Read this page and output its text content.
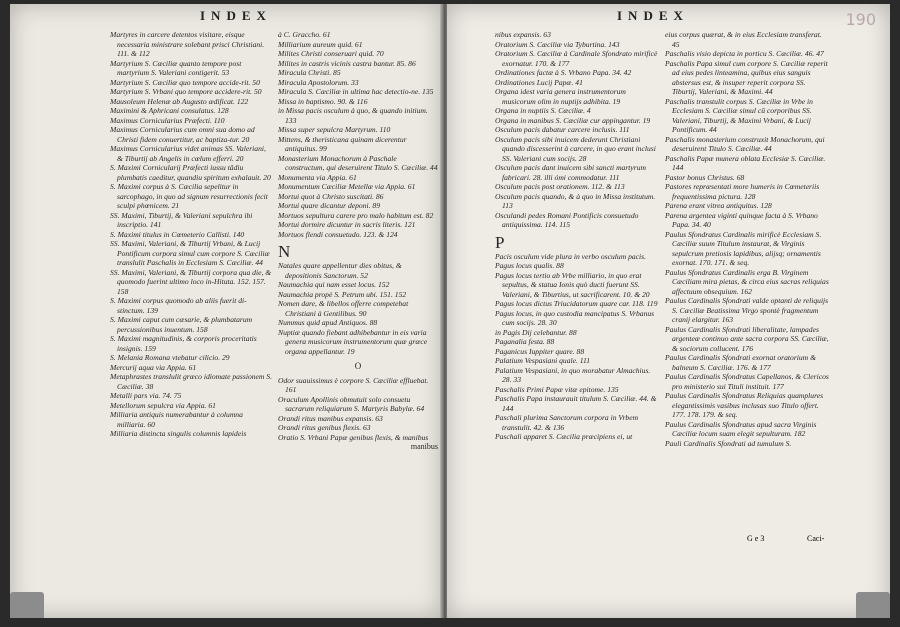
INDEX
Martyres in carcere detentos visitare, eisque necessaria ministrare solebant prisci Christiani. 111. & 112
Martyrium S. Cæciliæ quanto tempore post martyrium S. Valeriani contigerit. 53
Martyrium S. Cæciliæ quo tempore accide-rit. 50
Martyrium S. Vrbani quo tempore accidere-rit. 50
Mausoleum Helenæ ab Augusto ædificat. 122
Maximini & Aphricani consulatus. 128
Maximus Cornicularius Præfecti. 110
Maximus Cornicularius cum omni sua domo ad Christi fidem conuertitur, ac baptiza-tur. 20
Maximus Cornicularius videt animas SS. Valeriani, & Tiburtij ab Angelis in cœlum efferri. 20
S. Maximi Cornicularij Præfecti iussu tâdiu plumbatis caeditur, quandiu spiritum exhalauit. 20
S. Maximi corpus à S. Cæcilia sepelitur in sarcophago, in quo ad signum resurrectionis fecit sculpi phœnicem. 21
SS. Maximi, Tiburtij, & Valeriani sepulchra ibi inscriptio. 141
S. Maximi titulus in Cœmeterio Callisti. 140
SS. Maximi, Valeriani, & Tiburtij Vrbani, & Lucij Pontificum corpora simul cum corpore S. Cæciliæ translulit Paschalis in Ecclesiam S. Cæciliæ. 44
SS. Maximi, Valeriani, & Tiburtij corpora qua die, & quomodo fuerint ultimo loco in-Hituta. 152. 157. 158
S. Maximi corpus quomodo ab aliis fuerit di-stinctum. 139
S. Maximi caput cum cæsarie, & plumbatarum percussionibus inuentum. 158
S. Maximi magnitudinis, & corporis proceritatis insignis. 159
S. Melania Romana vtebatur cilicio. 29
Mercurij aqua via Appia. 61
Metaphrastes translulit græco idiomate passionem S. Cæciliæ. 38
Metalli pars via. 74. 75
Metellorum sepulcra via Appia. 61
Milliaria antiquis numerabantur à columna milliaria. 60
Milliaria distincta singulis columnis lapideis
à C. Graccho. 61
Milliarium aureum quid. 61
Milites Christi conseruari quid. 70
Milites in castris vicinis castra bantur. 85. 86
Miracula Christi. 85
Miracula Apostolorum. 33
Miracula S. Cæciliæ in ultima hac detectio-ne. 135
Missa in baptismo. 90. & 116
in Missa pacis osculum à quo, & quando initium. 133
Missa super sepulcra Martyrum. 110
Mittens, & theristicana quinam dicerentur antiquitus. 99
Monasterium Monachorum à Paschale constructum, qui deseruirent Titulo S. Cæciliæ. 44
Monumenta via Appia. 61
Monumentum Cæciliæ Metellæ via Appia. 61
Mortui quot à Christo suscitati. 86
Mortui quare dicantur deponi. 89
Mortuos sepultura carere pro malo habitum est. 82
Mortui dormire dicuntur in sacris literis. 121
Mortuos flendi consuetudo. 123. & 124
N
Natales quare appellentur dies obitus, & depositionis Sanctorum. 52
Naumachia qui nam esset locus. 152
Naumachia propè S. Petrum ubi. 151. 152
Nomen dare, & libellos offerre competebat Christiani à Gentilibus. 90
Nummus quid apud Antiquos. 88
Nuptiæ quando fiebant adhibebantur in eis varia genera musicorum instrumentorum quæ græce organa appellantur. 19
O
Odor suauissimus è corpore S. Cæciliæ effluebat. 161
Oraculum Apollinis obmutuit solo consuetu sacrarum reliquiarum S. Martyris Babylæ. 64
Orandi ritus manibus expansis. 63
Orandi ritus genibus flexis. 63
Oratio S. Vrbani Papæ genibus flexis, & manibus
manibus
INDEX	190
nibus expansis. 63
Oratorium S. Cæciliæ via Tyburtina. 143
Oratorium S. Cæciliæ à Cardinale Sfondrato mirificè exornatur. 170. & 177
Ordinationes factæ à S. Vrbano Papa. 34. 42
Ordinationes Lucij Papæ. 41
Organa idest varia genera instrumentorum musicorum olim in nuptijs adhibita. 19
Organa in nuptiis S. Cæciliæ. 4
Organa in manibus S. Cæciliæ cur appingantur. 19
Osculum pacis dabatur carcere inclusis. 111
Osculum pacis sibi inuicem dederunt Christiani quando discesserint à carcere, in quo erant inclusi SS. Valeriani cum socijs. 28
Osculum pacis dant inuicem sibi sancti martyrum fabricari. 28. illi ómi commodatur. 111
Osculum pacis post orationem. 112. & 113
Osculum pacis quando, & à quo in Missa institutum. 113
Osculandi pedes Romani Pontificis consuetudo antiquissima. 114. 115
P
Pacis osculum vide plura in verbo osculum pacis.
Pagus locus qualis. 88
Pagus locus tertio ab Vrbe milliario, in quo erat sepultus, & statua Ionis quò ducti fuerunt SS. Valeriani, & Tiburtius, ut sacrificarent. 10. & 20
Pagus locus dictus Triucidatorum quare car. 118. 119
Pagus locus, in quo custodia mancipatus S. Vrbanus cum socijs. 28. 30
in Pagis Dij celebantur. 88
Paganalia festa. 88
Paganicus Iuppiter quare. 88
Palatium Vespasiani quale. 111
Palatium Vespasiani, in quo morabatur Almachius. 28. 33
Paschalis Primi Papæ vitæ epitome. 135
Paschalis Papa instaurauit titulum S. Cæciliæ. 44. & 144
Paschali plurima Sanctorum corpora in Vrbem transtulit. 42. & 136
Paschali apparet S. Cæcilia præcipiens ei, ut
eius corpus quærat, & in eius Ecclesiam transferat. 45
Paschalis visio depicta in porticu S. Cæciliæ. 46. 47
Paschalis Papa simul cum corpore S. Cæciliæ reperit ad eius pedes linteamina, quibus eius sanguis abstersus est, & insuper reperit corpora SS. Tiburtij, Valeriani, & Maximi. 44
Paschalis transtulit corpus S. Cæciliæ in Vrbe in Ecclesiam S. Cæciliæ simul cū corporibus SS. Valeriani, Tiburtij, & Maximi Vrbani, & Lucij Pontificum. 44
Paschalis monasterium construxit Monachorum, qui deseruirent Titulo S. Cæciliæ. 44
Paschalis Papæ munera oblata Ecclesiæ S. Cæciliæ. 144
Pastor bonus Christus. 68
Pastores repræsentati more humeris in Cœmeteriis frequentissima pictura. 128
Parena erant vitrea antiquitus. 128
Parena argentea viginti quinque facta à S. Vrbano Papa. 34. 40
Paulus Sfondratus Cardinalis mirificè Ecclesiam S. Cæciliæ suum Titulum instaurat, & Virginis sepulcrum pretiosis lapidibus, alijsq; ornamentis exornat. 170. 171. & seq.
Paulus Sfondratus Cardinalis erga B. Virginem Cæciliam mira pietas, & circa eius sacras reliquias affectuum obsequium. 162
Paulus Cardinalis Sfondrati valde optanti de reliquijs S. Cæciliæ Beatissima Virgo spontè fragmentum cranij elargitur. 163
Paulus Cardinalis Sfondrati liberalitate, lampades argenteæ continuo ante sacra corpora SS. Cæciliæ, & sociorum collucent. 176
Paulus Cardinalis Sfondrati exornat oratorium & balneum S. Cæciliæ. 176. & 177
Paulus Cardinalis Sfondratus Capellanos, & Clericos pro ministerio sui Tituli instituit. 177
Paulus Cardinalis Sfondratus Reliquias quamplures elegantissimis vasibus inclusas suo Titulo offert. 177. 178. 179. & seq.
Paulus Cardinalis Sfondratus apud sacra Virginis Cæciliæ locum suam elegit sepulturam. 182
Pauli Cardinalis Sfondrati ad tumulum S.
G e 3	Caci-
